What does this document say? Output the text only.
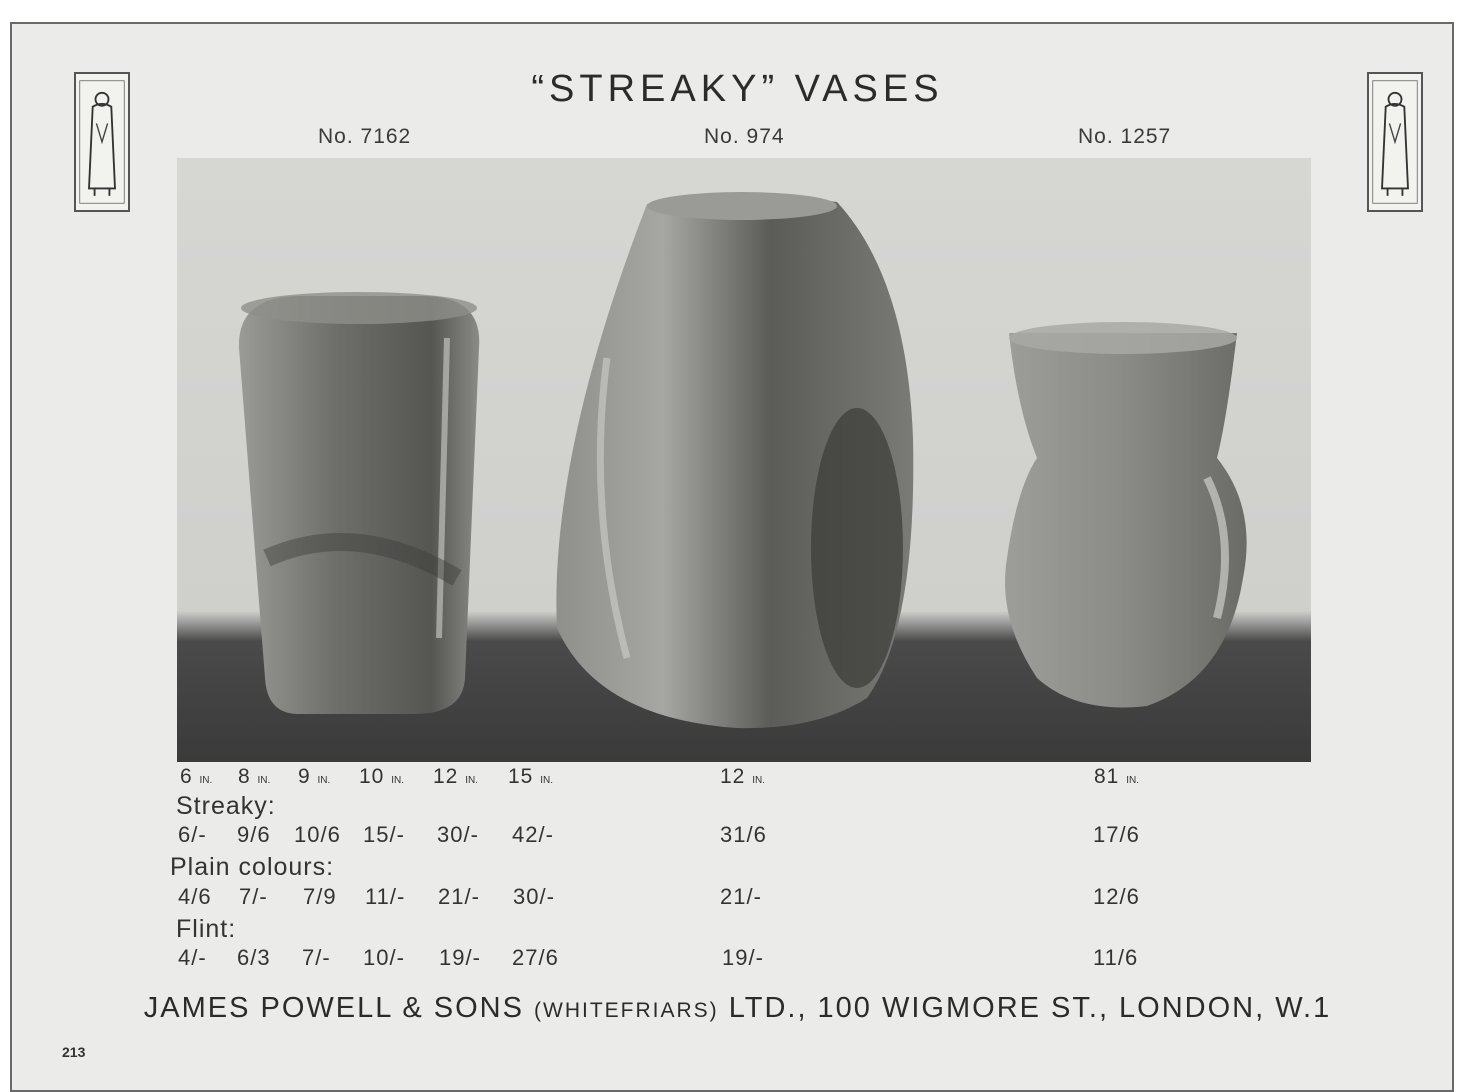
“STREAKY” VASES
No. 7162	No. 974	No. 1257
6 IN. 8 IN. 9 IN. 10 IN. 12 IN. 15 IN.	12 IN.	81 IN.
Streaky:
6/- 9/6 10/6 15/- 30/- 42/-	31/6	17/6
Plain colours:
4/6 7/- 7/9 11/- 21/- 30/-	21/-	12/6
Flint:
4/- 6/3 7/- 10/- 19/- 27/6	19/-	11/6
JAMES POWELL & SONS (WHITEFRIARS) LTD., 100 WIGMORE ST., LONDON, W.1
213
